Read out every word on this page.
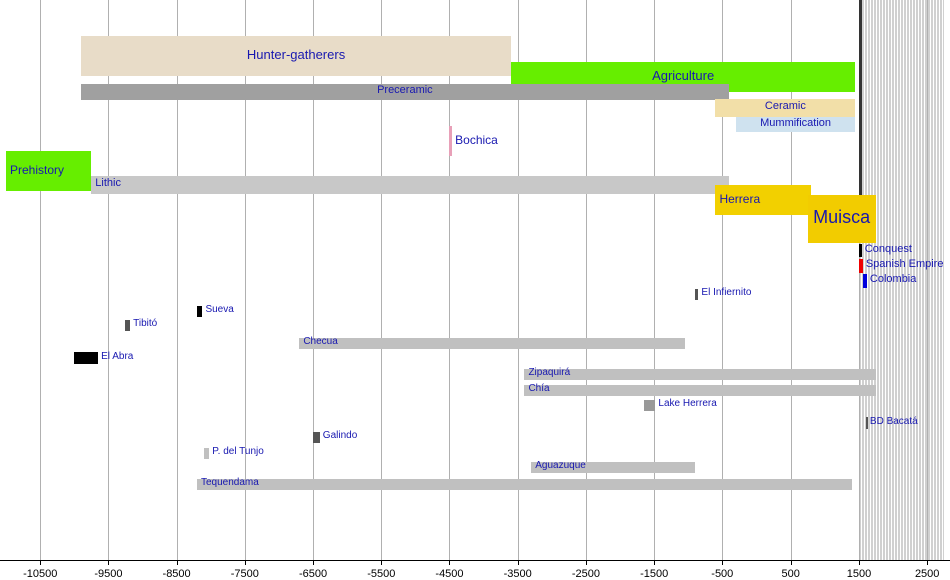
Hunter-gatherers
Agriculture
Preceramic
Ceramic
Mummification
Bochica
Prehistory
Lithic
Herrera
Muisca
Conquest
Spanish Empire
Colombia
El Infiernito
Sueva
Tibitó
Checua
El Abra
Zipaquirá
Chía
Lake Herrera
BD Bacatá
Galindo
P. del Tunjo
Aguazuque
Tequendama
-10500	-9500	-8500	-7500	-6500	-5500	-4500	-3500	-2500	-1500	-500	500	1500	2500
